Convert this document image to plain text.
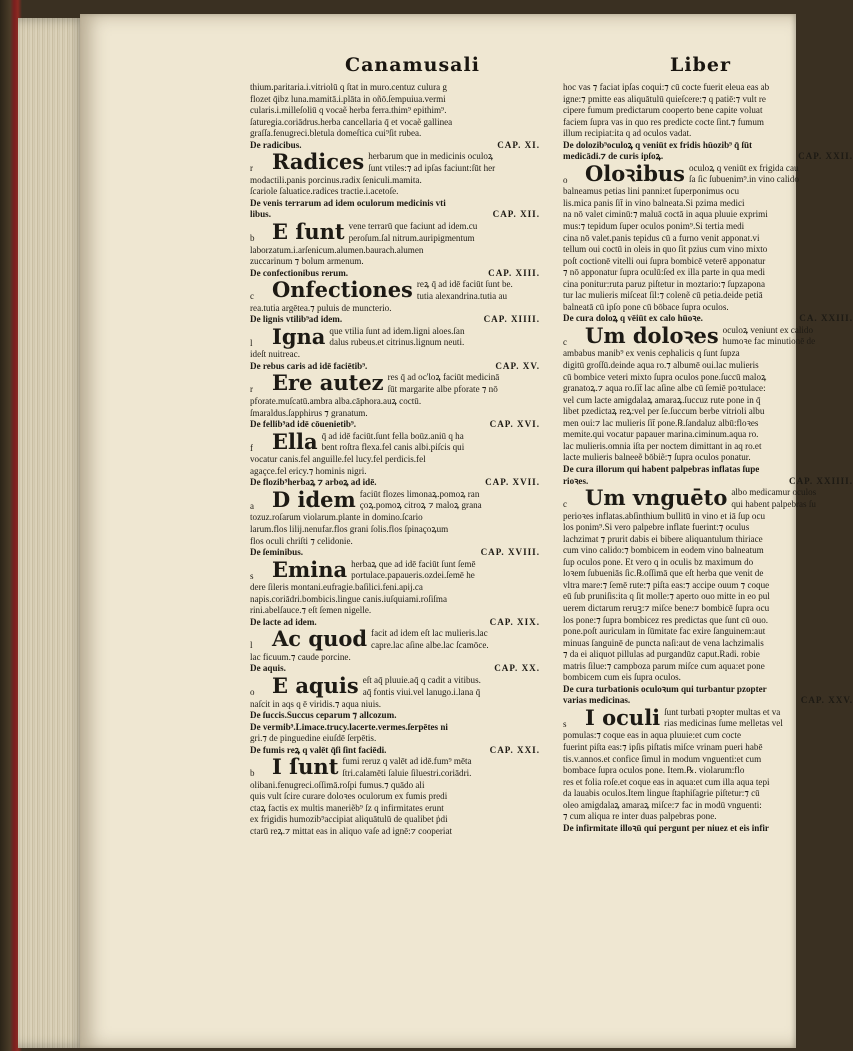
Canamusali	Liber
thium.paritaria.i.vitriolū q ſtat in muro.centuz culura g
flozet q̄ibz luna.mamitā.i.plāta in oñō.ſempuiua.vermi
cularis.i.milleſoliū q vocaẽ herba ferra.thim⁹ epithim⁹.
ſaturegia.coriādrus.herba cancellaria q̄ et vocaẽ gallinea
graſſa.fenugreci.bletula domeſtica cui⁹ſit rubea.
CAP. XI.
De radicibus.
r Radices herbarum que in medicinis oculoꝝ
ſunt vtiles:⁊ ad ipſas faciunt:ſūt her
modactili.panis porcinus.radix ſeniculi.mamita.
ſcariole ſaluatice.radices tractie.i.acetoſe.
De venis terrarum ad idem oculorum medicinis vti
CAP. XII.
libus.
b E ſunt vene terrarū que faciunt ad idem.cu
peroſum.ſal nitrum.auripigmentum
laborzatum.i.arſenicum.alumen.baurach.alumen
zuccarinum ⁊ bolum armenum.
CAP. XIII.
De confectionibus rerum.
c Onfectiones reꝝ q̄ ad idē faciūt ſunt be.
tutia alexandrina.tutia au
rea.tutia argētea.⁊ puluis de muncterio.
CAP. XIIII.
De lignis vtilib⁹ad idem.
l Igna que vtilia ſunt ad idem.ligni aloes.ſan
dalus rubeus.et citrinus.lignum neuti.
ideſt nuitreac.
CAP. XV.
De rebus caris ad idē faciētib⁹.
r Ere autez res q̄ ad oc'loꝝ faciūt medicinā
ſūt margarite albe pforate ⁊ nō
pforate.muſcatū.ambra alba.cāphora.auꝝ coctū.
ſmaraldus.ſapphirus ⁊ granatum.
CAP. XVI.
De fellib⁹ad idē cōuenietib⁹.
f Ella q̄ ad idē faciūt.ſunt fella boūz.aniū q ha
bent roſtra flexa.fel canis albi.piſcis qui
vocatur canis.fel anguille.fel lucy.fel perdicis.fel
agaçce.fel ericy.⁊ hominis nigri.
CAP. XVII.
De flozib⁹herbaꝝ ⁊ arboꝝ ad idē.
a D idem faciūt flozes limonaꝝ.pomoꝝ ran
çoꝝ.pomoꝝ citroꝝ ⁊ maloꝝ grana
tozuz.roſarum violarum.plante in domino.ſcario
larum.flos lilij.nenufar.flos grani ſolis.flos ſpinaçoꝝum
flos oculi chriſti ⁊ celidonie.
CAP. XVIII.
De ſeminibus.
s Emina herbaꝝ que ad idē faciūt ſunt ſemē
portulace.papaueris.ozdei.ſemē he
dere ſileris montani.eufragie.baſilici.feni.apij.ca
napis.coriādri.bombicis.lingue canis.iuſquiami.roſiſma
rini.abelſauce.⁊ eſt ſemen nigelle.
CAP. XIX.
De lacte ad idem.
l Ac quod facit ad idem eſt lac mulieris.lac
capre.lac aſine albe.lac ſcamōce.
lac ficuum.⁊ caude porcine.
CAP. XX.
De aquis.
o E aquis eſt aq̄ pluuie.aq̄ q cadit a vitibus.
aq̄ fontis viui.vel lanugo.i.lana q̄
naſcit in aqs q ē viridis.⁊ aqua niuis.
De ſuccis.Succus ceparum ⁊ allcozum.
De vermib⁹.Limace.trucy.lacerte.vermes.ſerpētes ni
gri.⁊ de pinguedine eiuſdē ſerpētis.
CAP. XXI.
De fumis reꝝ q valēt q̄ſi ſint faciēdi.
b I ſunt fumi reruz q valēt ad idē.fum⁹ mēta
ſtri.calamēti ſaluie ſiluestri.coriādri.
olibani.fenugreci.oſſimā.roſpi fumus.⁊ quādo ali
quis vult ſcire curare doloꝛes oculorum ex fumis predi
ctaꝝ factis ex multis maneriẽb⁹ ſz q infirmitates erunt
ex frigidis humozib⁹accipiat aliquātulū de qualibet ṗdi
ctarū reꝝ.⁊ mittat eas in aliquo vaſe ad ignē:⁊ cooperiat
hoc vas ⁊ faciat ipſas coqui:⁊ cū cocte fuerit eleua eas ab
igne:⁊ pmitte eas aliquātulū quieſcere:⁊ q patiē:⁊ vult re
cipere fumum predictarum cooperto bene capite voluat
faciem ſupra vas in quo res predicte cocte ſint.⁊ fumum
illum recipiat:ita q ad oculos vadat.
De dolozib⁹oculoꝝ q veniūt ex fridis hūozib⁹ q̄ ſūt
CAP. XXII.
medicādi.⁊ de curis ipſoꝝ.
o Oloꝛibus oculoꝝ q veniūt ex frigida cau
ſa ſic ſubuenim⁹.in vino calido
balneamus petias lini panni:et ſuperponimus ocu
lis.mica panis ſit̄ in vino balneata.Si pzima medici
na nō valet ciminū:⁊ maluā coctā in aqua pluuie exprimi
mus:⁊ tepidum ſuper oculos ponim⁹.Si tertia medi
cina nō valet.panis tepidus cū a furno venit apponat.vi
tellum oui coctū in oleis in quo ſit pzius cum vino mixto
poſt coctionē vitelli oui ſupra bombicē veterē apponatur
⁊ nō apponatur ſupra oculū:ſed ex illa parte in qua medi
cina ponitur:ruta paruz piſtetur in moztario:⁊ ſupzapona
tur lac mulieris miſceat ſil:⁊ colenẽ cū petia.deide petiā
balneatā cū ipſo pone cū bōbace ſupra oculos.
CA. XXIII.
De cura doloꝝ q vēiūt ex calo hūoꝛe.
c Um doloꝛes oculoꝝ veniunt ex calido
humoꝛe fac minutionē de
ambabus manib⁹ ex venis cephalicis q ſunt ſupza
digitū groſſū.deinde aqua ro.⁊ albumē oui.lac mulieris
cū bombice veteri mixto ſupra oculos pone.ſuccū maloꝝ
granatoꝝ.⁊ aqua ro.ſit̄ lac aſine albe cū ſemiē poꝛtulace:
vel cum lacte amigdalaꝝ amaraꝝ.ſuccuz rute pone in q̄
libet pzedictaꝝ reꝝ:vel per ſe.ſuccum berbe vitrioli albu
men oui:⁊ lac mulieris ſit̄ pone.℞.ſandaluz albū:floꝛes
memite.qui vocatur papauer marina.ciminum.aqua ro.
lac mulieris.omnia iſta per noctem dimittant in aq ro.et
lacte mulieris balneeẽ bōbiẽ:⁊ ſupra oculos ponatur.
De cura illorum qui habent palpebras inflatas ſupe
CAP. XXIIII.
rioꝛes.
c Um vnguēto albo medicamur oculos
qui habent palpebras ſu
perioꝛes inflatas.abſinthium bullitū in vino et iā ſup ocu
los ponim⁹.Si vero palpebre inflate fuerint:⁊ oculus
lachzimat ⁊ prurit dabis ei bibere aliquantulum thiriace
cum vino calido:⁊ bombicem in eodem vino balneatum
ſup oculos pone. Et vero q in oculis bz maximum do
loꝛem ſubueniās ſic.℞.oſſimā que eſt herba que venit de
vltra mare:⁊ ſemē rute:⁊ piſta eas:⁊ accipe ouum ⁊ coque
eū ſub pruniſis:ita q ſit molle:⁊ aperto ouo mitte in eo pul
uerem dictarum reruꝫ:⁊ miſce bene:⁊ bombicē ſupra ocu
los pone:⁊ ſupra bombicez res predictas que ſunt cū ouo.
pone.poſt auriculam in ſūmitate fac exire ſanguinem:aut
minuas ſanguinē de puncta naſi:aut de vena lachzimalis
⁊ da ei aliquot pillulas ad purgandūz caput.Radi. robie
matris ſilue:⁊ campboza parum miſce cum aqua:et pone
bombicem cum eis ſupra oculos.
De cura turbationis oculoꝛum qui turbantur pzopter
CAP. XXV.
varias medicinas.
s I oculi ſunt turbati pꝛopter multas et va
rias medicinas ſume melletas vel
pomulas:⁊ coque eas in aqua pluuie:et cum cocte
fuerint piſta eas:⁊ ipſis piſtatis miſce vrinam pueri habē
tis.v.annos.et confice ſimul in modum vnguenti:et cum
bombace ſupra oculos pone. Item.℞. violarum:flo
res et folia roſe.et coque eas in aqua:et cum illa aqua tepi
da lauabis oculos.Item lingue ſtaphiſagrie piſtetur:⁊ cū
oleo amigdalaꝝ amaraꝝ miſce:⁊ fac in modū vnguenti:
⁊ cum aliqua re inter duas palpebras pone.
De infirmitate illoꝛū qui pergunt per niuez et eis infir
